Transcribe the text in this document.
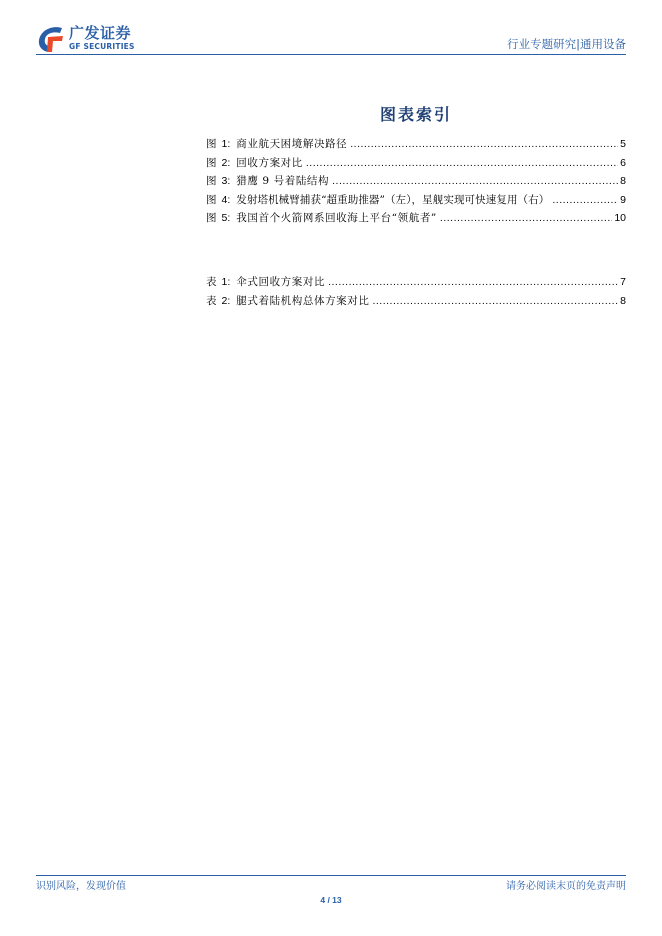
广发证券
GF SECURITIES	行业专题研究|通用设备
图表索引
图 1 : 商业航天困境解决路径 .....	5
图 2 : 回收方案对比 .....	6
图 3 : 猎鹰 9 号着陆结构 .....	8
图 4 : 发射塔机械臂捕获“超重助推器”（左），星舰实现可快速复用（右） .....	9
图 5 : 我国首个火箭网系回收海上平台“领航者” .....	10
表 1 : 伞式回收方案对比 .....	7
表 2 : 腿式着陆机构总体方案对比 .....	8
识别风险，发现价值	请务必阅读末页的免责声明
4 / 13
